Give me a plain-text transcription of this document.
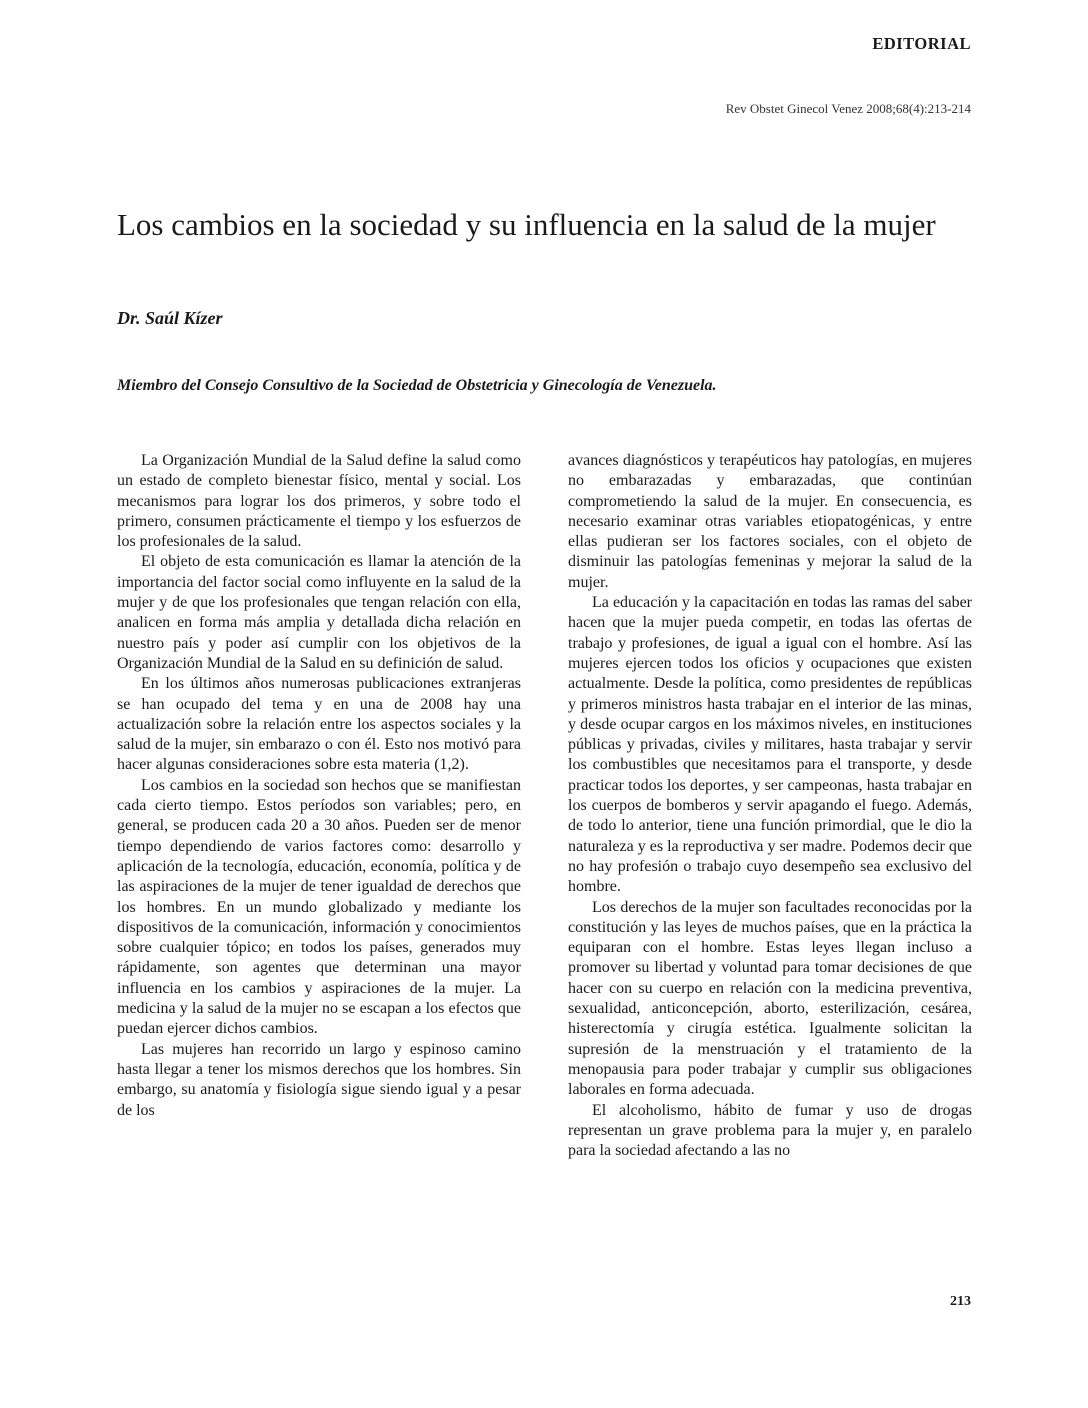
EDITORIAL
Rev Obstet Ginecol Venez 2008;68(4):213-214
Los cambios en la sociedad y su influencia en la salud de la mujer
Dr. Saúl Kízer
Miembro del Consejo Consultivo de la Sociedad de Obstetricia y Ginecología de Venezuela.

La Organización Mundial de la Salud define la salud como un estado de completo bienestar físico, mental y social. Los mecanismos para lograr los dos primeros, y sobre todo el primero, consumen prácticamente el tiempo y los esfuerzos de los profesionales de la salud.

El objeto de esta comunicación es llamar la atención de la importancia del factor social como influyente en la salud de la mujer y de que los profesionales que tengan relación con ella, analicen en forma más amplia y detallada dicha relación en nuestro país y poder así cumplir con los objetivos de la Organización Mundial de la Salud en su definición de salud.

En los últimos años numerosas publicaciones extranjeras se han ocupado del tema y en una de 2008 hay una actualización sobre la relación entre los aspectos sociales y la salud de la mujer, sin embarazo o con él. Esto nos motivó para hacer algunas consideraciones sobre esta materia (1,2).

Los cambios en la sociedad son hechos que se manifiestan cada cierto tiempo. Estos períodos son variables; pero, en general, se producen cada 20 a 30 años. Pueden ser de menor tiempo dependiendo de varios factores como: desarrollo y aplicación de la tecnología, educación, economía, política y de las aspiraciones de la mujer de tener igualdad de derechos que los hombres. En un mundo globalizado y mediante los dispositivos de la comunicación, información y conocimientos sobre cualquier tópico; en todos los países, generados muy rápidamente, son agentes que determinan una mayor influencia en los cambios y aspiraciones de la mujer. La medicina y la salud de la mujer no se escapan a los efectos que puedan ejercer dichos cambios.

Las mujeres han recorrido un largo y espinoso camino hasta llegar a tener los mismos derechos que los hombres. Sin embargo, su anatomía y fisiología sigue siendo igual y a pesar de los

avances diagnósticos y terapéuticos hay patologías, en mujeres no embarazadas y embarazadas, que continúan comprometiendo la salud de la mujer. En consecuencia, es necesario examinar otras variables etiopatogénicas, y entre ellas pudieran ser los factores sociales, con el objeto de disminuir las patologías femeninas y mejorar la salud de la mujer.

La educación y la capacitación en todas las ramas del saber hacen que la mujer pueda competir, en todas las ofertas de trabajo y profesiones, de igual a igual con el hombre. Así las mujeres ejercen todos los oficios y ocupaciones que existen actualmente. Desde la política, como presidentes de repúblicas y primeros ministros hasta trabajar en el interior de las minas, y desde ocupar cargos en los máximos niveles, en instituciones públicas y privadas, civiles y militares, hasta trabajar y servir los combustibles que necesitamos para el transporte, y desde practicar todos los deportes, y ser campeonas, hasta trabajar en los cuerpos de bomberos y servir apagando el fuego. Además, de todo lo anterior, tiene una función primordial, que le dio la naturaleza y es la reproductiva y ser madre. Podemos decir que no hay profesión o trabajo cuyo desempeño sea exclusivo del hombre.

Los derechos de la mujer son facultades reconocidas por la constitución y las leyes de muchos países, que en la práctica la equiparan con el hombre. Estas leyes llegan incluso a promover su libertad y voluntad para tomar decisiones de que hacer con su cuerpo en relación con la medicina preventiva, sexualidad, anticoncepción, aborto, esterilización, cesárea, histerectomía y cirugía estética. Igualmente solicitan la supresión de la menstruación y el tratamiento de la menopausia para poder trabajar y cumplir sus obligaciones laborales en forma adecuada.

El alcoholismo, hábito de fumar y uso de drogas representan un grave problema para la mujer y, en paralelo para la sociedad afectando a las no

213
